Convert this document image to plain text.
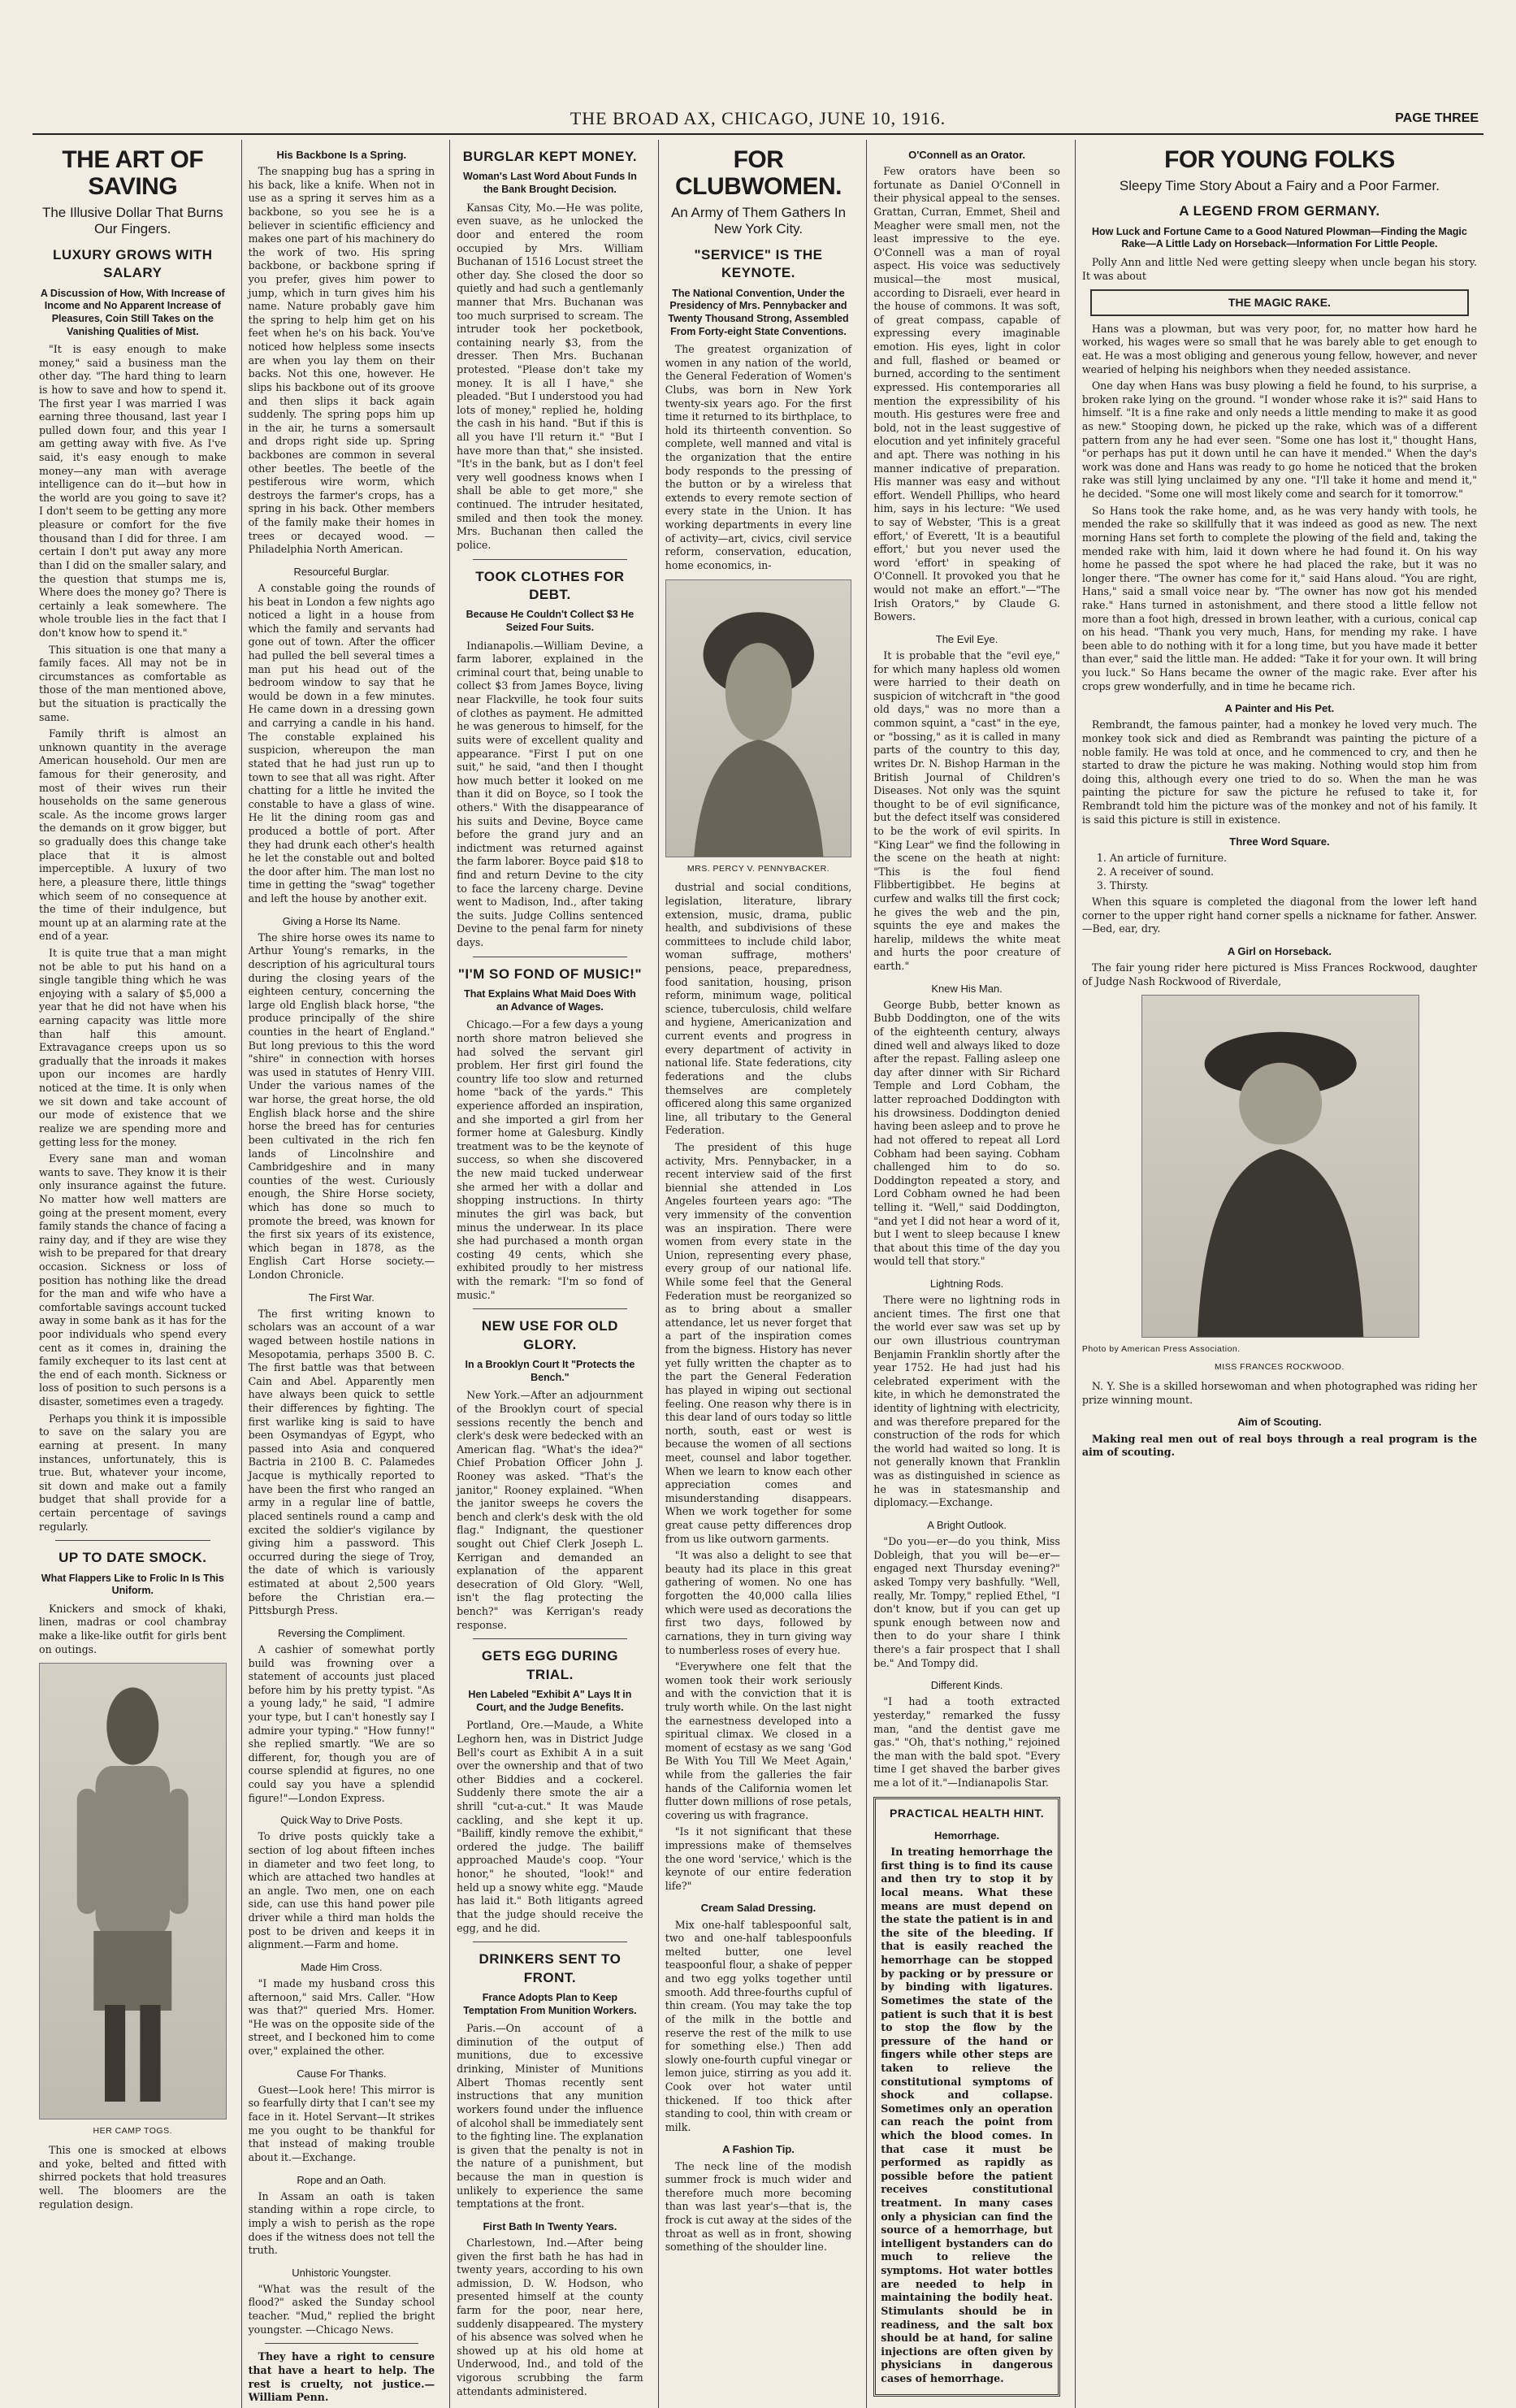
THE BROAD AX, CHICAGO, JUNE 10, 1916.	PAGE THREE
THE ART OF SAVING
The Illusive Dollar That Burns Our Fingers.
LUXURY GROWS WITH SALARY
A Discussion of How, With Increase of Income and No Apparent Increase of Pleasures, Coin Still Takes on the Vanishing Qualities of Mist.

"It is easy enough to make money," said a business man the other day. "The hard thing to learn is how to save and how to spend it. The first year I was married I was earning three thousand, last year I pulled down four, and this year I am getting away with five. As I've said, it's easy enough to make money—any man with average intelligence can do it—but how in the world are you going to save it? I don't seem to be getting any more pleasure or comfort for the five thousand than I did for three. I am certain I don't put away any more than I did on the smaller salary, and the question that stumps me is, Where does the money go? There is certainly a leak somewhere. The whole trouble lies in the fact that I don't know how to spend it."

This situation is one that many a family faces. All may not be in circumstances as comfortable as those of the man mentioned above, but the situation is practically the same.

Family thrift is almost an unknown quantity in the average American household. Our men are famous for their generosity, and most of their wives run their households on the same generous scale. As the income grows larger the demands on it grow bigger, but so gradually does this change take place that it is almost imperceptible. A luxury of two here, a pleasure there, little things which seem of no consequence at the time of their indulgence, but mount up at an alarming rate at the end of a year.

It is quite true that a man might not be able to put his hand on a single tangible thing which he was enjoying with a salary of $5,000 a year that he did not have when his earning capacity was little more than half this amount. Extravagance creeps upon us so gradually that the inroads it makes upon our incomes are hardly noticed at the time. It is only when we sit down and take account of our mode of existence that we realize we are spending more and getting less for the money.

Every sane man and woman wants to save. They know it is their only insurance against the future. No matter how well matters are going at the present moment, every family stands the chance of facing a rainy day, and if they are wise they wish to be prepared for that dreary occasion. Sickness or loss of position has nothing like the dread for the man and wife who have a comfortable savings account tucked away in some bank as it has for the poor individuals who spend every cent as it comes in, draining the family exchequer to its last cent at the end of each month. Sickness or loss of position to such persons is a disaster, sometimes even a tragedy.

Perhaps you think it is impossible to save on the salary you are earning at present. In many instances, unfortunately, this is true. But, whatever your income, sit down and make out a family budget that shall provide for a certain percentage of savings regularly.

UP TO DATE SMOCK.
What Flappers Like to Frolic In Is This Uniform.

Knickers and smock of khaki, linen, madras or cool chambray make a like-like outfit for girls bent on outings.

HER CAMP TOGS.

This one is smocked at elbows and yoke, belted and fitted with shirred pockets that hold treasures well. The bloomers are the regulation design.

His Backbone Is a Spring.

The snapping bug has a spring in his back, like a knife. When not in use as a spring it serves him as a backbone, so you see he is a believer in scientific efficiency and makes one part of his machinery do the work of two. His spring backbone, or backbone spring if you prefer, gives him power to jump, which in turn gives him his name. Nature probably gave him the spring to help him get on his feet when he's on his back. You've noticed how helpless some insects are when you lay them on their backs. Not this one, however. He slips his backbone out of its groove and then slips it back again suddenly. The spring pops him up in the air, he turns a somersault and drops right side up. Spring backbones are common in several other beetles. The beetle of the pestiferous wire worm, which destroys the farmer's crops, has a spring in his back. Other members of the family make their homes in trees or decayed wood. —Philadelphia North American.

Resourceful Burglar.

A constable going the rounds of his beat in London a few nights ago noticed a light in a house from which the family and servants had gone out of town. After the officer had pulled the bell several times a man put his head out of the bedroom window to say that he would be down in a few minutes. He came down in a dressing gown and carrying a candle in his hand. The constable explained his suspicion, whereupon the man stated that he had just run up to town to see that all was right. After chatting for a little he invited the constable to have a glass of wine. He lit the dining room gas and produced a bottle of port. After they had drunk each other's health he let the constable out and bolted the door after him. The man lost no time in getting the "swag" together and left the house by another exit.

Giving a Horse Its Name.

The shire horse owes its name to Arthur Young's remarks, in the description of his agricultural tours during the closing years of the eighteen century, concerning the large old English black horse, "the produce principally of the shire counties in the heart of England." But long previous to this the word "shire" in connection with horses was used in statutes of Henry VIII. Under the various names of the war horse, the great horse, the old English black horse and the shire horse the breed has for centuries been cultivated in the rich fen lands of Lincolnshire and Cambridgeshire and in many counties of the west. Curiously enough, the Shire Horse society, which has done so much to promote the breed, was known for the first six years of its existence, which began in 1878, as the English Cart Horse society.—London Chronicle.

The First War.

The first writing known to scholars was an account of a war waged between hostile nations in Mesopotamia, perhaps 3500 B. C. The first battle was that between Cain and Abel. Apparently men have always been quick to settle their differences by fighting. The first warlike king is said to have been Osymandyas of Egypt, who passed into Asia and conquered Bactria in 2100 B. C. Palamedes Jacque is mythically reported to have been the first who ranged an army in a regular line of battle, placed sentinels round a camp and excited the soldier's vigilance by giving him a password. This occurred during the siege of Troy, the date of which is variously estimated at about 2,500 years before the Christian era.—Pittsburgh Press.

Reversing the Compliment.

A cashier of somewhat portly build was frowning over a statement of accounts just placed before him by his pretty typist. "As a young lady," he said, "I admire your type, but I can't honestly say I admire your typing." "How funny!" she replied smartly. "We are so different, for, though you are of course splendid at figures, no one could say you have a splendid figure!"—London Express.

Quick Way to Drive Posts.

To drive posts quickly take a section of log about fifteen inches in diameter and two feet long, to which are attached two handles at an angle. Two men, one on each side, can use this hand power pile driver while a third man holds the post to be driven and keeps it in alignment.—Farm and home.

Made Him Cross.

"I made my husband cross this afternoon," said Mrs. Caller. "How was that?" queried Mrs. Homer. "He was on the opposite side of the street, and I beckoned him to come over," explained the other.

Cause For Thanks.

Guest—Look here! This mirror is so fearfully dirty that I can't see my face in it. Hotel Servant—It strikes me you ought to be thankful for that instead of making trouble about it.—Exchange.

Rope and an Oath.

In Assam an oath is taken standing within a rope circle, to imply a wish to perish as the rope does if the witness does not tell the truth.

Unhistoric Youngster.

"What was the result of the flood?" asked the Sunday school teacher. "Mud," replied the bright youngster. —Chicago News.

They have a right to censure that have a heart to help. The rest is cruelty, not justice.—William Penn.

BURGLAR KEPT MONEY.
Woman's Last Word About Funds In the Bank Brought Decision.

Kansas City, Mo.—He was polite, even suave, as he unlocked the door and entered the room occupied by Mrs. William Buchanan of 1516 Locust street the other day. She closed the door so quietly and had such a gentlemanly manner that Mrs. Buchanan was too much surprised to scream. The intruder took her pocketbook, containing nearly $3, from the dresser. Then Mrs. Buchanan protested. "Please don't take my money. It is all I have," she pleaded. "But I understood you had lots of money," replied he, holding the cash in his hand. "But if this is all you have I'll return it." "But I have more than that," she insisted. "It's in the bank, but as I don't feel very well goodness knows when I shall be able to get more," she continued. The intruder hesitated, smiled and then took the money. Mrs. Buchanan then called the police.

TOOK CLOTHES FOR DEBT.
Because He Couldn't Collect $3 He Seized Four Suits.

Indianapolis.—William Devine, a farm laborer, explained in the criminal court that, being unable to collect $3 from James Boyce, living near Flackville, he took four suits of clothes as payment. He admitted he was generous to himself, for the suits were of excellent quality and appearance. "First I put on one suit," he said, "and then I thought how much better it looked on me than it did on Boyce, so I took the others." With the disappearance of his suits and Devine, Boyce came before the grand jury and an indictment was returned against the farm laborer. Boyce paid $18 to find and return Devine to the city to face the larceny charge. Devine went to Madison, Ind., after taking the suits. Judge Collins sentenced Devine to the penal farm for ninety days.

"I'M SO FOND OF MUSIC!"
That Explains What Maid Does With an Advance of Wages.

Chicago.—For a few days a young north shore matron believed she had solved the servant girl problem. Her first girl found the country life too slow and returned home "back of the yards." This experience afforded an inspiration, and she imported a girl from her former home at Galesburg. Kindly treatment was to be the keynote of success, so when she discovered the new maid tucked underwear she armed her with a dollar and shopping instructions. In thirty minutes the girl was back, but minus the underwear. In its place she had purchased a month organ costing 49 cents, which she exhibited proudly to her mistress with the remark: "I'm so fond of music."

NEW USE FOR OLD GLORY.
In a Brooklyn Court It "Protects the Bench."

New York.—After an adjournment of the Brooklyn court of special sessions recently the bench and clerk's desk were bedecked with an American flag. "What's the idea?" Chief Probation Officer John J. Rooney was asked. "That's the janitor," Rooney explained. "When the janitor sweeps he covers the bench and clerk's desk with the old flag." Indignant, the questioner sought out Chief Clerk Joseph L. Kerrigan and demanded an explanation of the apparent desecration of Old Glory. "Well, isn't the flag protecting the bench?" was Kerrigan's ready response.

GETS EGG DURING TRIAL.
Hen Labeled "Exhibit A" Lays It in Court, and the Judge Benefits.

Portland, Ore.—Maude, a White Leghorn hen, was in District Judge Bell's court as Exhibit A in a suit over the ownership and that of two other Biddies and a cockerel. Suddenly there smote the air a shrill "cut-a-cut." It was Maude cackling, and she kept it up. "Bailiff, kindly remove the exhibit," ordered the judge. The bailiff approached Maude's coop. "Your honor," he shouted, "look!" and held up a snowy white egg. "Maude has laid it." Both litigants agreed that the judge should receive the egg, and he did.

DRINKERS SENT TO FRONT.
France Adopts Plan to Keep Temptation From Munition Workers.

Paris.—On account of a diminution of the output of munitions, due to excessive drinking, Minister of Munitions Albert Thomas recently sent instructions that any munition workers found under the influence of alcohol shall be immediately sent to the fighting line. The explanation is given that the penalty is not in the nature of a punishment, but because the man in question is unlikely to experience the same temptations at the front.

First Bath In Twenty Years.

Charlestown, Ind.—After being given the first bath he has had in twenty years, according to his own admission, D. W. Hodson, who presented himself at the county farm for the poor, near here, suddenly disappeared. The mystery of his absence was solved when he showed up at his old home at Underwood, Ind., and told of the vigorous scrubbing the farm attendants administered.

FOR CLUBWOMEN.
An Army of Them Gathers In New York City.
"SERVICE" IS THE KEYNOTE.
The National Convention, Under the Presidency of Mrs. Pennybacker and Twenty Thousand Strong, Assembled From Forty-eight State Conventions.

The greatest organization of women in any nation of the world, the General Federation of Women's Clubs, was born in New York twenty-six years ago. For the first time it returned to its birthplace, to hold its thirteenth convention. So complete, well manned and vital is the organization that the entire body responds to the pressing of the button or by a wireless that extends to every remote section of every state in the Union. It has working departments in every line of activity—art, civics, civil service reform, conservation, education, home economics, in-

MRS. PERCY V. PENNYBACKER.

dustrial and social conditions, legislation, literature, library extension, music, drama, public health, and subdivisions of these committees to include child labor, woman suffrage, mothers' pensions, peace, preparedness, food sanitation, housing, prison reform, minimum wage, political science, tuberculosis, child welfare and hygiene, Americanization and current events and progress in every department of activity in national life. State federations, city federations and the clubs themselves are completely officered along this same organized line, all tributary to the General Federation.

The president of this huge activity, Mrs. Pennybacker, in a recent interview said of the first biennial she attended in Los Angeles fourteen years ago: "The very immensity of the convention was an inspiration. There were women from every state in the Union, representing every phase, every group of our national life. While some feel that the General Federation must be reorganized so as to bring about a smaller attendance, let us never forget that a part of the inspiration comes from the bigness. History has never yet fully written the chapter as to the part the General Federation has played in wiping out sectional feeling. One reason why there is in this dear land of ours today so little north, south, east or west is because the women of all sections meet, counsel and labor together. When we learn to know each other appreciation comes and misunderstanding disappears. When we work together for some great cause petty differences drop from us like outworn garments.

"It was also a delight to see that beauty had its place in this great gathering of women. No one has forgotten the 40,000 calla lilies which were used as decorations the first two days, followed by carnations, they in turn giving way to numberless roses of every hue.

"Everywhere one felt that the women took their work seriously and with the conviction that it is truly worth while. On the last night the earnestness developed into a spiritual climax. We closed in a moment of ecstasy as we sang 'God Be With You Till We Meet Again,' while from the galleries the fair hands of the California women let flutter down millions of rose petals, covering us with fragrance.

"Is it not significant that these impressions make of themselves the one word 'service,' which is the keynote of our entire federation life?"

Cream Salad Dressing.

Mix one-half tablespoonful salt, two and one-half tablespoonfuls melted butter, one level teaspoonful flour, a shake of pepper and two egg yolks together until smooth. Add three-fourths cupful of thin cream. (You may take the top of the milk in the bottle and reserve the rest of the milk to use for something else.) Then add slowly one-fourth cupful vinegar or lemon juice, stirring as you add it. Cook over hot water until thickened. If too thick after standing to cool, thin with cream or milk.

A Fashion Tip.

The neck line of the modish summer frock is much wider and therefore much more becoming than was last year's—that is, the frock is cut away at the sides of the throat as well as in front, showing something of the shoulder line.

O'Connell as an Orator.

Few orators have been so fortunate as Daniel O'Connell in their physical appeal to the senses. Grattan, Curran, Emmet, Sheil and Meagher were small men, not the least impressive to the eye. O'Connell was a man of royal aspect. His voice was seductively musical—the most musical, according to Disraeli, ever heard in the house of commons. It was soft, of great compass, capable of expressing every imaginable emotion. His eyes, light in color and full, flashed or beamed or burned, according to the sentiment expressed. His contemporaries all mention the expressibility of his mouth. His gestures were free and bold, not in the least suggestive of elocution and yet infinitely graceful and apt. There was nothing in his manner indicative of preparation. His manner was easy and without effort. Wendell Phillips, who heard him, says in his lecture: "We used to say of Webster, 'This is a great effort,' of Everett, 'It is a beautiful effort,' but you never used the word 'effort' in speaking of O'Connell. It provoked you that he would not make an effort."—"The Irish Orators," by Claude G. Bowers.

The Evil Eye.

It is probable that the "evil eye," for which many hapless old women were harried to their death on suspicion of witchcraft in "the good old days," was no more than a common squint, a "cast" in the eye, or "bossing," as it is called in many parts of the country to this day, writes Dr. N. Bishop Harman in the British Journal of Children's Diseases. Not only was the squint thought to be of evil significance, but the defect itself was considered to be the work of evil spirits. In "King Lear" we find the following in the scene on the heath at night: "This is the foul fiend Flibbertigibbet. He begins at curfew and walks till the first cock; he gives the web and the pin, squints the eye and makes the harelip, mildews the white meat and hurts the poor creature of earth."

Knew His Man.

George Bubb, better known as Bubb Doddington, one of the wits of the eighteenth century, always dined well and always liked to doze after the repast. Falling asleep one day after dinner with Sir Richard Temple and Lord Cobham, the latter reproached Doddington with his drowsiness. Doddington denied having been asleep and to prove he had not offered to repeat all Lord Cobham had been saying. Cobham challenged him to do so. Doddington repeated a story, and Lord Cobham owned he had been telling it. "Well," said Doddington, "and yet I did not hear a word of it, but I went to sleep because I knew that about this time of the day you would tell that story."

Lightning Rods.

There were no lightning rods in ancient times. The first one that the world ever saw was set up by our own illustrious countryman Benjamin Franklin shortly after the year 1752. He had just had his celebrated experiment with the kite, in which he demonstrated the identity of lightning with electricity, and was therefore prepared for the construction of the rods for which the world had waited so long. It is not generally known that Franklin was as distinguished in science as he was in statesmanship and diplomacy.—Exchange.

A Bright Outlook.

"Do you—er—do you think, Miss Dobleigh, that you will be—er—engaged next Thursday evening?" asked Tompy very bashfully. "Well, really, Mr. Tompy," replied Ethel, "I don't know, but if you can get up spunk enough between now and then to do your share I think there's a fair prospect that I shall be." And Tompy did.

Different Kinds.

"I had a tooth extracted yesterday," remarked the fussy man, "and the dentist gave me gas." "Oh, that's nothing," rejoined the man with the bald spot. "Every time I get shaved the barber gives me a lot of it."—Indianapolis Star.

PRACTICAL HEALTH HINT.
Hemorrhage.

In treating hemorrhage the first thing is to find its cause and then try to stop it by local means. What these means are must depend on the state the patient is in and the site of the bleeding. If that is easily reached the hemorrhage can be stopped by packing or by pressure or by binding with ligatures. Sometimes the state of the patient is such that it is best to stop the flow by the pressure of the hand or fingers while other steps are taken to relieve the constitutional symptoms of shock and collapse. Sometimes only an operation can reach the point from which the blood comes. In that case it must be performed as rapidly as possible before the patient receives constitutional treatment. In many cases only a physician can find the source of a hemorrhage, but intelligent bystanders can do much to relieve the symptoms. Hot water bottles are needed to help in maintaining the bodily heat. Stimulants should be in readiness, and the salt box should be at hand, for saline injections are often given by physicians in dangerous cases of hemorrhage.

FOR YOUNG FOLKS
Sleepy Time Story About a Fairy and a Poor Farmer.
A LEGEND FROM GERMANY.
How Luck and Fortune Came to a Good Natured Plowman—Finding the Magic Rake—A Little Lady on Horseback—Information For Little People.

Polly Ann and little Ned were getting sleepy when uncle began his story. It was about

THE MAGIC RAKE.

Hans was a plowman, but was very poor, for, no matter how hard he worked, his wages were so small that he was barely able to get enough to eat. He was a most obliging and generous young fellow, however, and never wearied of helping his neighbors when they needed assistance.

One day when Hans was busy plowing a field he found, to his surprise, a broken rake lying on the ground. "I wonder whose rake it is?" said Hans to himself. "It is a fine rake and only needs a little mending to make it as good as new." Stooping down, he picked up the rake, which was of a different pattern from any he had ever seen. "Some one has lost it," thought Hans, "or perhaps has put it down until he can have it mended." When the day's work was done and Hans was ready to go home he noticed that the broken rake was still lying unclaimed by any one. "I'll take it home and mend it," he decided. "Some one will most likely come and search for it tomorrow."

So Hans took the rake home, and, as he was very handy with tools, he mended the rake so skillfully that it was indeed as good as new. The next morning Hans set forth to complete the plowing of the field and, taking the mended rake with him, laid it down where he had found it. On his way home he passed the spot where he had placed the rake, but it was no longer there. "The owner has come for it," said Hans aloud. "You are right, Hans," said a small voice near by. "The owner has now got his mended rake." Hans turned in astonishment, and there stood a little fellow not more than a foot high, dressed in brown leather, with a curious, conical cap on his head. "Thank you very much, Hans, for mending my rake. I have been able to do nothing with it for a long time, but you have made it better than ever," said the little man. He added: "Take it for your own. It will bring you luck." So Hans became the owner of the magic rake. Ever after his crops grew wonderfully, and in time he became rich.

A Painter and His Pet.

Rembrandt, the famous painter, had a monkey he loved very much. The monkey took sick and died as Rembrandt was painting the picture of a noble family. He was told at once, and he commenced to cry, and then he started to draw the picture he was making. Nothing would stop him from doing this, although every one tried to do so. When the man he was painting the picture for saw the picture he refused to take it, for Rembrandt told him the picture was of the monkey and not of his family. It is said this picture is still in existence.

Three Word Square.
1. An article of furniture.
2. A receiver of sound.
3. Thirsty.

When this square is completed the diagonal from the lower left hand corner to the upper right hand corner spells a nickname for father. Answer.—Bed, ear, dry.

A Girl on Horseback.

The fair young rider here pictured is Miss Frances Rockwood, daughter of Judge Nash Rockwood of Riverdale,

Photo by American Press Association.
MISS FRANCES ROCKWOOD.

N. Y. She is a skilled horsewoman and when photographed was riding her prize winning mount.

Aim of Scouting.

Making real men out of real boys through a real program is the aim of scouting.
